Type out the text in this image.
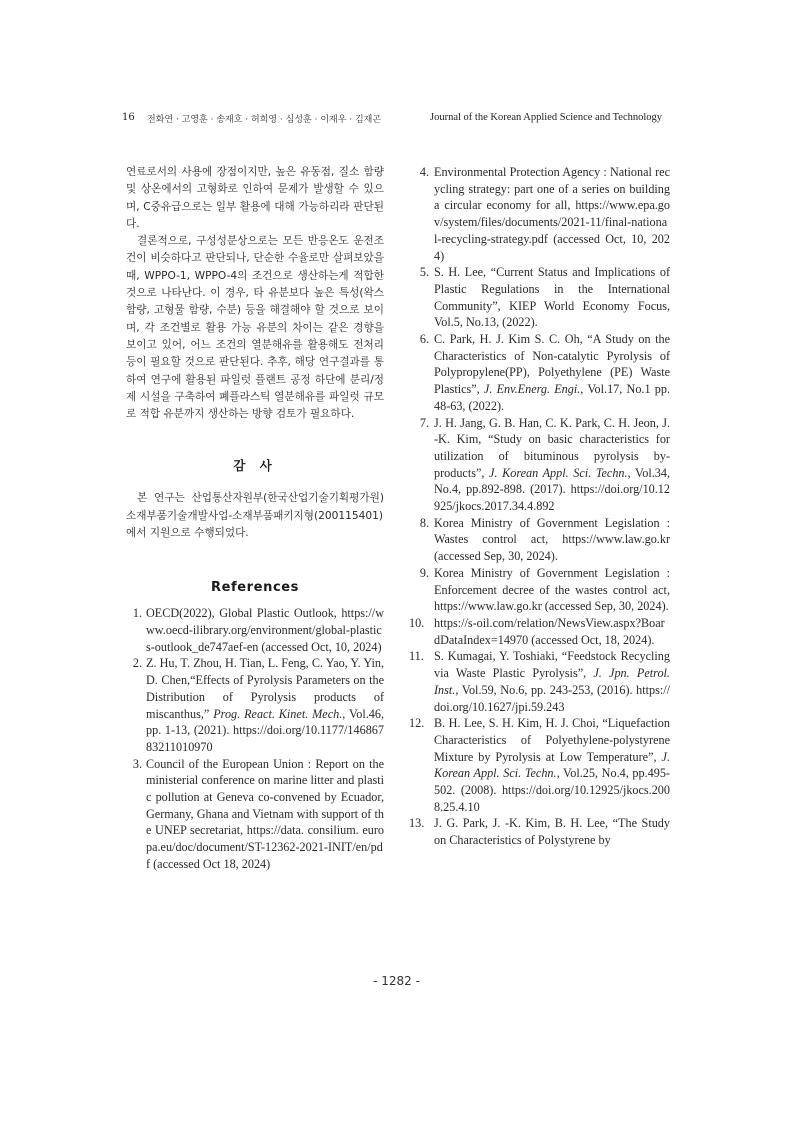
16 전화연 · 고영훈 · 송재호 · 허희영 · 심성훈 · 이재우 · 김재곤	Journal of the Korean Applied Science and Technology

연료로서의 사용에 장점이지만, 높은 유동점, 질소 함량 및 상온에서의 고형화로 인하여 문제가 발생할 수 있으며, C중유급으로는 일부 활용에 대해 가능하리라 판단된다.

결론적으로, 구성성분상으로는 모든 반응온도 운전조건이 비슷하다고 판단되나, 단순한 수율로만 살펴보았을 때, WPPO-1, WPPO-4의 조건으로 생산하는게 적합한 것으로 나타난다. 이 경우, 타 유분보다 높은 특성(왁스 함량, 고형물 함량, 수분) 등을 해결해야 할 것으로 보이며, 각 조건별로 활용 가능 유분의 차이는 같은 경향을 보이고 있어, 어느 조건의 열분해유를 활용해도 전처리 등이 필요할 것으로 판단된다. 추후, 해당 연구결과를 통하여 연구에 활용된 파일럿 플랜트 공정 하단에 분리/정제 시설을 구축하여 폐플라스틱 열분해유를 파일럿 규모로 적합 유분까지 생산하는 방향 검토가 필요하다.

감 사

본 연구는 산업통산자원부(한국산업기술기획평가원) 소재부품기술개발사업-소재부품패키지형(200115401)에서 지원으로 수행되었다.

References
1. OECD(2022), Global Plastic Outlook, https://www.oecd-ilibrary.org/environment/global-plastics-outlook_de747aef-en (accessed Oct, 10, 2024)
2. Z. Hu, T. Zhou, H. Tian, L. Feng, C. Yao, Y. Yin, D. Chen,“Effects of Pyrolysis Parameters on the Distribution of Pyrolysis products of miscanthus,” Prog. React. Kinet. Mech., Vol.46, pp. 1-13, (2021). https://doi.org/10.1177/14686783211010970
3. Council of the European Union : Report on the ministerial conference on marine litter and plastic pollution at Geneva co-convened by Ecuador, Germany, Ghana and Vietnam with support of the UNEP secretariat, https://data. consilium. europa.eu/doc/document/ST-12362-2021-INIT/en/pdf (accessed Oct 18, 2024)
4. Environmental Protection Agency : National recycling strategy: part one of a series on building a circular economy for all, https://www.epa.gov/system/files/documents/2021-11/final-national-recycling-strategy.pdf (accessed Oct, 10, 2024)
5. S. H. Lee, “Current Status and Implications of Plastic Regulations in the International Community”, KIEP World Economy Focus, Vol.5, No.13, (2022).
6. C. Park, H. J. Kim S. C. Oh, “A Study on the Characteristics of Non-catalytic Pyrolysis of Polypropylene(PP), Polyethylene (PE) Waste Plastics”, J. Env.Energ. Engi., Vol.17, No.1 pp. 48-63, (2022).
7. J. H. Jang, G. B. Han, C. K. Park, C. H. Jeon, J. -K. Kim, “Study on basic characteristics for utilization of bituminous pyrolysis by-products”, J. Korean Appl. Sci. Techn., Vol.34, No.4, pp.892-898. (2017). https://doi.org/10.12925/jkocs.2017.34.4.892
8. Korea Ministry of Government Legislation : Wastes control act, https://www.law.go.kr (accessed Sep, 30, 2024).
9. Korea Ministry of Government Legislation : Enforcement decree of the wastes control act, https://www.law.go.kr (accessed Sep, 30, 2024).
10. https://s-oil.com/relation/NewsView.aspx?BoardDataIndex=14970 (accessed Oct, 18, 2024).
11. S. Kumagai, Y. Toshiaki, “Feedstock Recycling via Waste Plastic Pyrolysis”, J. Jpn. Petrol. Inst., Vol.59, No.6, pp. 243-253, (2016). https://doi.org/10.1627/jpi.59.243
12. B. H. Lee, S. H. Kim, H. J. Choi, “Liquefaction Characteristics of Polyethylene-polystyrene Mixture by Pyrolysis at Low Temperature”, J. Korean Appl. Sci. Techn., Vol.25, No.4, pp.495-502. (2008). https://doi.org/10.12925/jkocs.2008.25.4.10
13. J. G. Park, J. -K. Kim, B. H. Lee, “The Study on Characteristics of Polystyrene by
- 1282 -
